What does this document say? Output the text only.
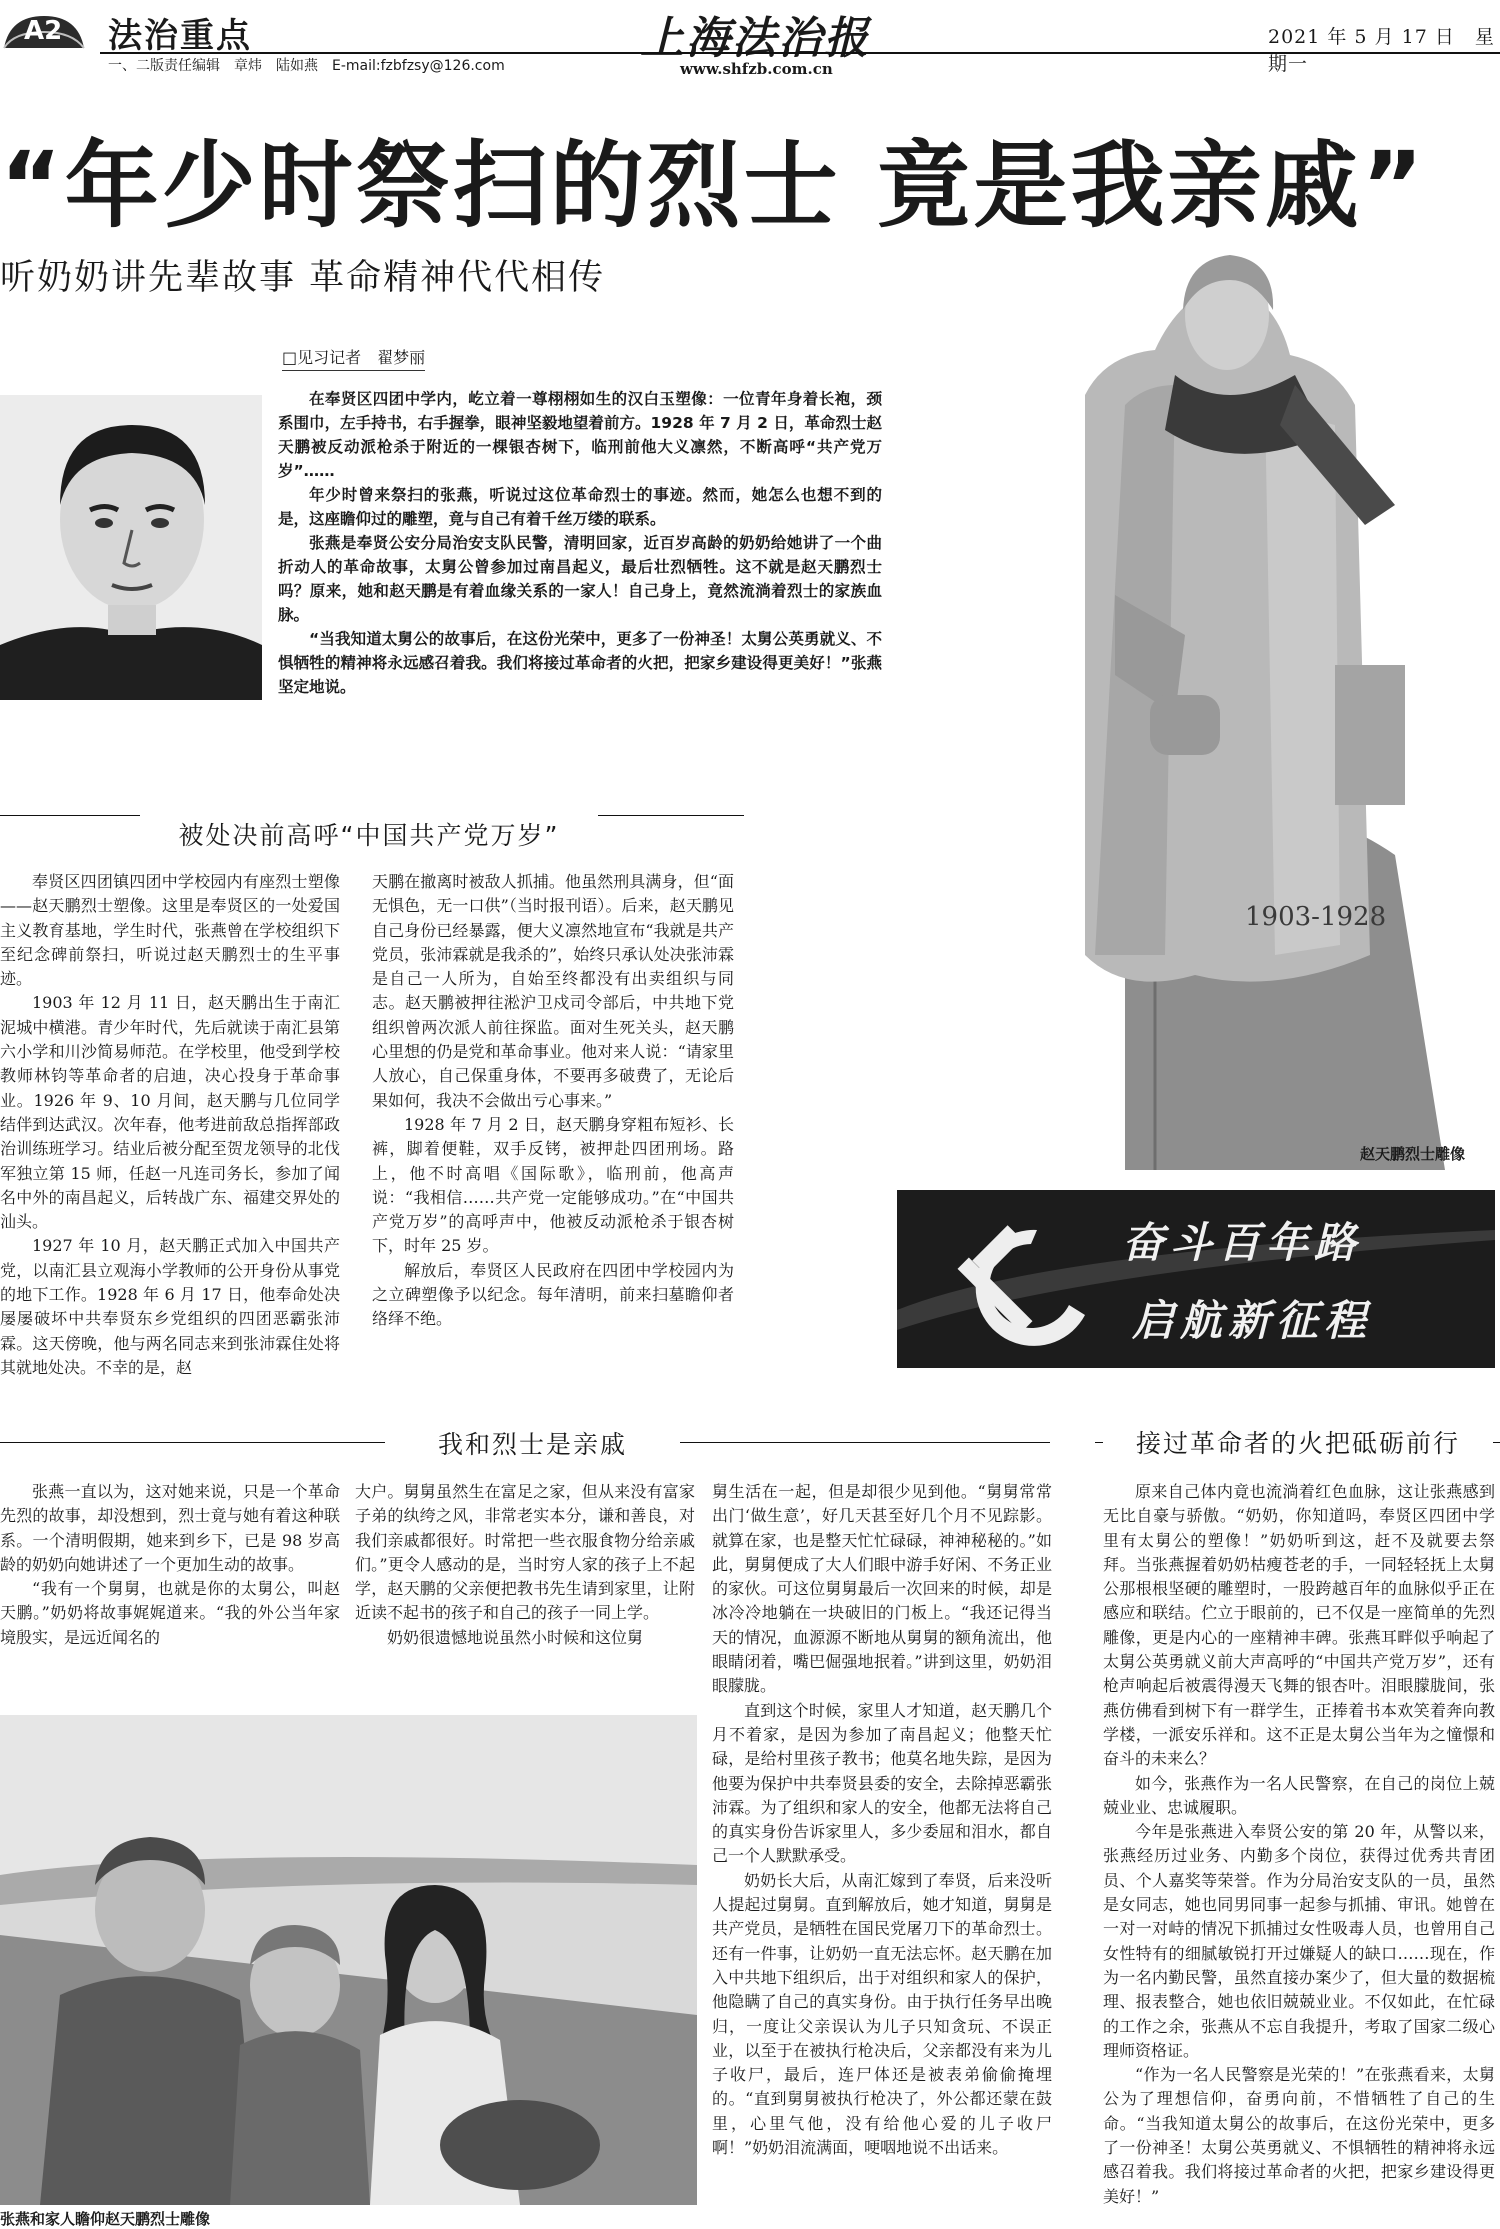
A2 法治重点
一、二版责任编辑　章炜　陆如燕　E-mail:fzbfzsy@126.com
上海法治报
www.shfzb.com.cn
2021 年 5 月 17 日　星期一
“年少时祭扫的烈士 竟是我亲戚”
听奶奶讲先辈故事 革命精神代代相传
□见习记者　翟梦丽

在奉贤区四团中学内，屹立着一尊栩栩如生的汉白玉塑像：一位青年身着长袍，颈系围巾，左手持书，右手握拳，眼神坚毅地望着前方。1928 年 7 月 2 日，革命烈士赵天鹏被反动派枪杀于附近的一棵银杏树下，临刑前他大义凛然，不断高呼“共产党万岁”……

年少时曾来祭扫的张燕，听说过这位革命烈士的事迹。然而，她怎么也想不到的是，这座瞻仰过的雕塑，竟与自己有着千丝万缕的联系。

张燕是奉贤公安分局治安支队民警，清明回家，近百岁高龄的奶奶给她讲了一个曲折动人的革命故事，太舅公曾参加过南昌起义，最后壮烈牺牲。这不就是赵天鹏烈士吗？原来，她和赵天鹏是有着血缘关系的一家人！自己身上，竟然流淌着烈士的家族血脉。

“当我知道太舅公的故事后，在这份光荣中，更多了一份神圣！太舅公英勇就义、不惧牺牲的精神将永远感召着我。我们将接过革命者的火把，把家乡建设得更美好！”张燕坚定地说。

1903-1928
赵天鹏烈士雕像
被处决前高呼“中国共产党万岁”

奉贤区四团镇四团中学校园内有座烈士塑像——赵天鹏烈士塑像。这里是奉贤区的一处爱国主义教育基地，学生时代，张燕曾在学校组织下至纪念碑前祭扫，听说过赵天鹏烈士的生平事迹。

1903 年 12 月 11 日，赵天鹏出生于南汇泥城中横港。青少年时代，先后就读于南汇县第六小学和川沙简易师范。在学校里，他受到学校教师林钧等革命者的启迪，决心投身于革命事业。1926 年 9、10 月间，赵天鹏与几位同学结伴到达武汉。次年春，他考进前敌总指挥部政治训练班学习。结业后被分配至贺龙领导的北伐军独立第 15 师，任赵一凡连司务长，参加了闻名中外的南昌起义，后转战广东、福建交界处的汕头。

1927 年 10 月，赵天鹏正式加入中国共产党，以南汇县立观海小学教师的公开身份从事党的地下工作。1928 年 6 月 17 日，他奉命处决屡屡破坏中共奉贤东乡党组织的四团恶霸张沛霖。这天傍晚，他与两名同志来到张沛霖住处将其就地处决。不幸的是，赵

天鹏在撤离时被敌人抓捕。他虽然刑具满身，但“面无惧色，无一口供”（当时报刊语）。后来，赵天鹏见自己身份已经暴露，便大义凛然地宣布“我就是共产党员，张沛霖就是我杀的”，始终只承认处决张沛霖是自己一人所为，自始至终都没有出卖组织与同志。赵天鹏被押往淞沪卫戍司令部后，中共地下党组织曾两次派人前往探监。面对生死关头，赵天鹏心里想的仍是党和革命事业。他对来人说：“请家里人放心，自己保重身体，不要再多破费了，无论后果如何，我决不会做出亏心事来。”

1928 年 7 月 2 日，赵天鹏身穿粗布短衫、长裤，脚着便鞋，双手反铐，被押赴四团刑场。路上，他不时高唱《国际歌》，临刑前，他高声说：“我相信……共产党一定能够成功。”在“中国共产党万岁”的高呼声中，他被反动派枪杀于银杏树下，时年 25 岁。

解放后，奉贤区人民政府在四团中学校园内为之立碑塑像予以纪念。每年清明，前来扫墓瞻仰者络绎不绝。

奋斗百年路
启航新征程
我和烈士是亲戚

张燕一直以为，这对她来说，只是一个革命先烈的故事，却没想到，烈士竟与她有着这种联系。一个清明假期，她来到乡下，已是 98 岁高龄的奶奶向她讲述了一个更加生动的故事。

“我有一个舅舅，也就是你的太舅公，叫赵天鹏。”奶奶将故事娓娓道来。“我的外公当年家境殷实，是远近闻名的

大户。舅舅虽然生在富足之家，但从来没有富家子弟的纨绔之风，非常老实本分，谦和善良，对我们亲戚都很好。时常把一些衣服食物分给亲戚们。”更令人感动的是，当时穷人家的孩子上不起学，赵天鹏的父亲便把教书先生请到家里，让附近读不起书的孩子和自己的孩子一同上学。

奶奶很遗憾地说虽然小时候和这位舅

舅生活在一起，但是却很少见到他。“舅舅常常出门‘做生意’，好几天甚至好几个月不见踪影。就算在家，也是整天忙忙碌碌，神神秘秘的。”如此，舅舅便成了大人们眼中游手好闲、不务正业的家伙。可这位舅舅最后一次回来的时候，却是冰冷冷地躺在一块破旧的门板上。“我还记得当天的情况，血源源不断地从舅舅的额角流出，他眼睛闭着，嘴巴倔强地抿着。”讲到这里，奶奶泪眼朦胧。

直到这个时候，家里人才知道，赵天鹏几个月不着家，是因为参加了南昌起义；他整天忙碌，是给村里孩子教书；他莫名地失踪，是因为他要为保护中共奉贤县委的安全，去除掉恶霸张沛霖。为了组织和家人的安全，他都无法将自己的真实身份告诉家里人，多少委屈和泪水，都自己一个人默默承受。

奶奶长大后，从南汇嫁到了奉贤，后来没听人提起过舅舅。直到解放后，她才知道，舅舅是共产党员，是牺牲在国民党屠刀下的革命烈士。还有一件事，让奶奶一直无法忘怀。赵天鹏在加入中共地下组织后，出于对组织和家人的保护，他隐瞒了自己的真实身份。由于执行任务早出晚归，一度让父亲误认为儿子只知贪玩、不误正业，以至于在被执行枪决后，父亲都没有来为儿子收尸，最后，连尸体还是被表弟偷偷掩埋的。“直到舅舅被执行枪决了，外公都还蒙在鼓里，心里气他，没有给他心爱的儿子收尸啊！”奶奶泪流满面，哽咽地说不出话来。

张燕和家人瞻仰赵天鹏烈士雕像
接过革命者的火把砥砺前行

原来自己体内竟也流淌着红色血脉，这让张燕感到无比自豪与骄傲。“奶奶，你知道吗，奉贤区四团中学里有太舅公的塑像！”奶奶听到这，赶不及就要去祭拜。当张燕握着奶奶枯瘦苍老的手，一同轻轻抚上太舅公那根根坚硬的雕塑时，一股跨越百年的血脉似乎正在感应和联结。伫立于眼前的，已不仅是一座简单的先烈雕像，更是内心的一座精神丰碑。张燕耳畔似乎响起了太舅公英勇就义前大声高呼的“中国共产党万岁”，还有枪声响起后被震得漫天飞舞的银杏叶。泪眼朦胧间，张燕仿佛看到树下有一群学生，正捧着书本欢笑着奔向教学楼，一派安乐祥和。这不正是太舅公当年为之憧憬和奋斗的未来么？

如今，张燕作为一名人民警察，在自己的岗位上兢兢业业、忠诚履职。

今年是张燕进入奉贤公安的第 20 年，从警以来，张燕经历过业务、内勤多个岗位，获得过优秀共青团员、个人嘉奖等荣誉。作为分局治安支队的一员，虽然是女同志，她也同男同事一起参与抓捕、审讯。她曾在一对一对峙的情况下抓捕过女性吸毒人员，也曾用自己女性特有的细腻敏锐打开过嫌疑人的缺口……现在，作为一名内勤民警，虽然直接办案少了，但大量的数据梳理、报表整合，她也依旧兢兢业业。不仅如此，在忙碌的工作之余，张燕从不忘自我提升，考取了国家二级心理师资格证。

“作为一名人民警察是光荣的！”在张燕看来，太舅公为了理想信仰，奋勇向前，不惜牺牲了自己的生命。“当我知道太舅公的故事后，在这份光荣中，更多了一份神圣！太舅公英勇就义、不惧牺牲的精神将永远感召着我。我们将接过革命者的火把，把家乡建设得更美好！”
